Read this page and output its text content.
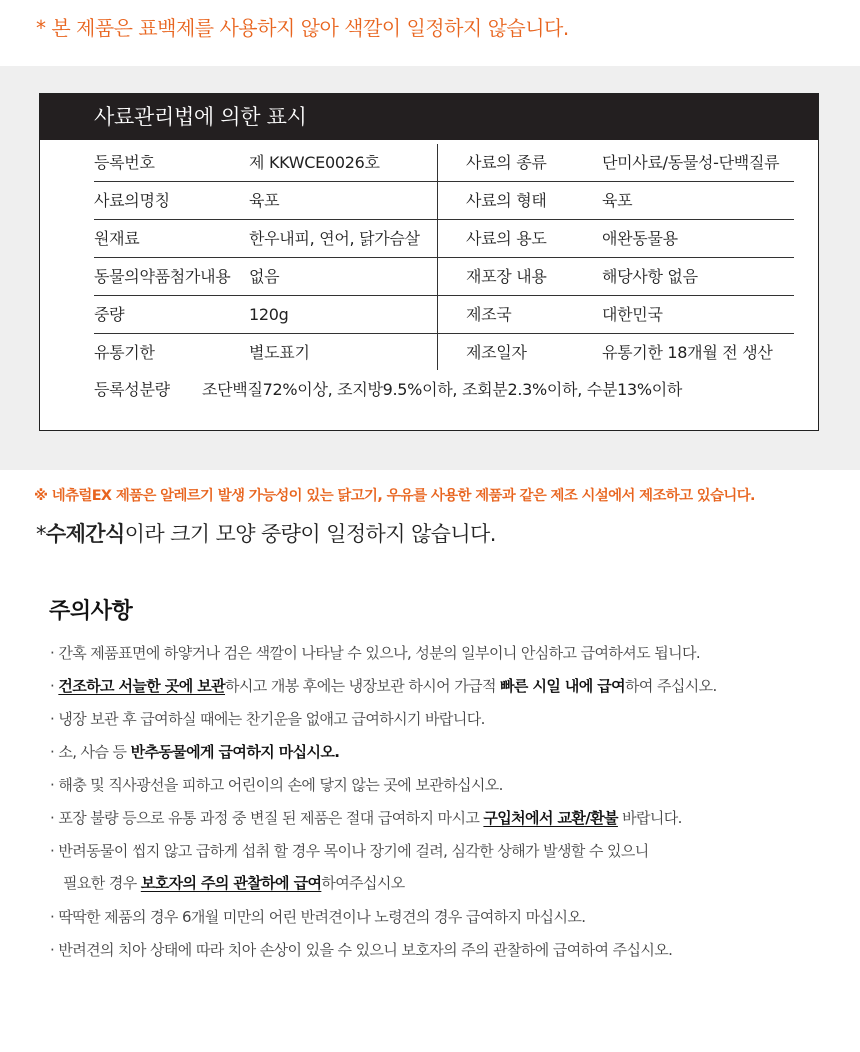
* 본 제품은 표백제를 사용하지 않아 색깔이 일정하지 않습니다.
사료관리법에 의한 표시
등록번호	제 KKWCE0026호	사료의 종류	단미사료/동물성-단백질류
사료의명칭	육포	사료의 형태	육포
원재료	한우내피, 연어, 닭가슴살	사료의 용도	애완동물용
동물의약품첨가내용 없음	재포장 내용	해당사항 없음
중량	120g	제조국	대한민국
유통기한	별도표기	제조일자	유통기한 18개월 전 생산
등록성분량 조단백질72%이상, 조지방9.5%이하, 조회분2.3%이하, 수분13%이하
※ 네츄럴EX 제품은 알레르기 발생 가능성이 있는 닭고기, 우유를 사용한 제품과 같은 제조 시설에서 제조하고 있습니다.
*수제간식이라 크기 모양 중량이 일정하지 않습니다.
주의사항
· 간혹 제품표면에 하얗거나 검은 색깔이 나타날 수 있으나, 성분의 일부이니 안심하고 급여하셔도 됩니다.
· 건조하고 서늘한 곳에 보관하시고 개봉 후에는 냉장보관 하시어 가급적 빠른 시일 내에 급여하여 주십시오.
· 냉장 보관 후 급여하실 때에는 찬기운을 없애고 급여하시기 바랍니다.
· 소, 사슴 등 반추동물에게 급여하지 마십시오.
· 해충 및 직사광선을 피하고 어린이의 손에 닿지 않는 곳에 보관하십시오.
· 포장 불량 등으로 유통 과정 중 변질 된 제품은 절대 급여하지 마시고 구입처에서 교환/환불 바랍니다.
· 반려동물이 씹지 않고 급하게 섭취 할 경우 목이나 장기에 걸려, 심각한 상해가 발생할 수 있으니
필요한 경우 보호자의 주의 관찰하에 급여하여주십시오
· 딱딱한 제품의 경우 6개월 미만의 어린 반려견이나 노령견의 경우 급여하지 마십시오.
· 반려견의 치아 상태에 따라 치아 손상이 있을 수 있으니 보호자의 주의 관찰하에 급여하여 주십시오.
